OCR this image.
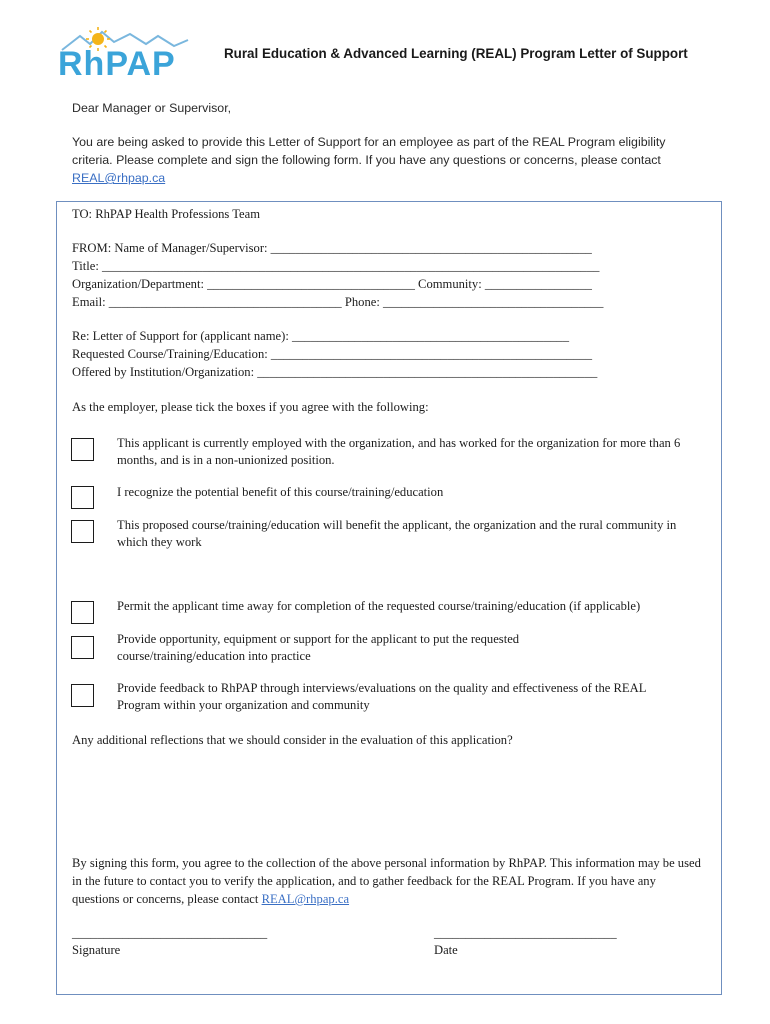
RhPAP	Rural Education & Advanced Learning (REAL) Program Letter of Support
Dear Manager or Supervisor,
You are being asked to provide this Letter of Support for an employee as part of the REAL Program eligibility criteria. Please complete and sign the following form. If you have any questions or concerns, please contact REAL@rhpap.ca
TO: RhPAP Health Professions Team
FROM: Name of Manager/Supervisor: ___________________________________________________
Title: _______________________________________________________________________________
Organization/Department: _________________________________ Community: _________________
Email: _____________________________________ Phone: ___________________________________
Re: Letter of Support for (applicant name): ____________________________________________
Requested Course/Training/Education: ___________________________________________________
Offered by Institution/Organization: ______________________________________________________
As the employer, please tick the boxes if you agree with the following:
This applicant is currently employed with the organization, and has worked for the organization for more than 6 months, and is in a non-unionized position.
I recognize the potential benefit of this course/training/education
This proposed course/training/education will benefit the applicant, the organization and the rural community in which they work
Permit the applicant time away for completion of the requested course/training/education (if applicable)
Provide opportunity, equipment or support for the applicant to put the requested course/training/education into practice
Provide feedback to RhPAP through interviews/evaluations on the quality and effectiveness of the REAL Program within your organization and community
Any additional reflections that we should consider in the evaluation of this application?
By signing this form, you agree to the collection of the above personal information by RhPAP. This information may be used in the future to contact you to verify the application, and to gather feedback for the REAL Program. If you have any questions or concerns, please contact REAL@rhpap.ca
_______________________________
Signature
_____________________________
Date
